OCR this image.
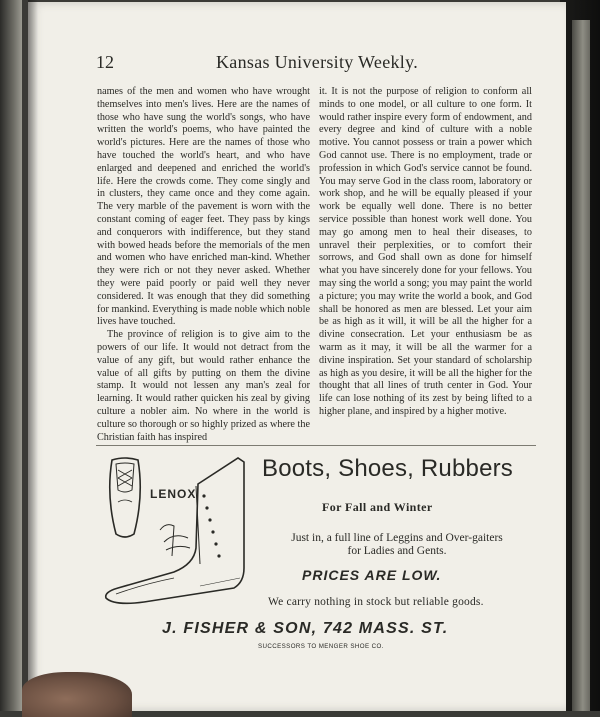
12	Kansas University Weekly.

names of the men and women who have wrought themselves into men's lives. Here are the names of those who have sung the world's songs, who have written the world's poems, who have painted the world's pictures. Here are the names of those who have touched the world's heart, and who have enlarged and deepened and enriched the world's life. Here the crowds come. They come singly and in clusters, they came once and they come again. The very marble of the pavement is worn with the constant coming of eager feet. They pass by kings and conquerors with indifference, but they stand with bowed heads before the memorials of the men and women who have enriched man-kind. Whether they were rich or not they never asked. Whether they were paid poorly or paid well they never considered. It was enough that they did something for mankind. Everything is made noble which noble lives have touched.

The province of religion is to give aim to the powers of our life. It would not detract from the value of any gift, but would rather enhance the value of all gifts by putting on them the divine stamp. It would not lessen any man's zeal for learning. It would rather quicken his zeal by giving culture a nobler aim. No where in the world is culture so thorough or so highly prized as where the Christian faith has inspired

it. It is not the purpose of religion to conform all minds to one model, or all culture to one form. It would rather inspire every form of endowment, and every degree and kind of culture with a noble motive. You cannot possess or train a power which God cannot use. There is no employment, trade or profession in which God's service cannot be found. You may serve God in the class room, laboratory or work shop, and he will be equally pleased if your work be equally well done. There is no better service possible than honest work well done. You may go among men to heal their diseases, to unravel their perplexities, or to comfort their sorrows, and God shall own as done for himself what you have sincerely done for your fellows. You may sing the world a song; you may paint the world a picture; you may write the world a book, and God shall be honored as men are blessed. Let your aim be as high as it will, it will be all the higher for a divine consecration. Let your enthusiasm be as warm as it may, it will be all the warmer for a divine inspiration. Set your standard of scholarship as high as you desire, it will be all the higher for the thought that all lines of truth center in God. Your life can lose nothing of its zest by being lifted to a higher plane, and inspired by a higher motive.

LENOX
Boots, Shoes, Rubbers
For Fall and Winter
Just in, a full line of Leggins and Over-gaiters
for Ladies and Gents.
PRICES ARE LOW.
We carry nothing in stock but reliable goods.
J. FISHER & SON, 742 MASS. ST.
SUCCESSORS TO MENGER SHOE CO.
